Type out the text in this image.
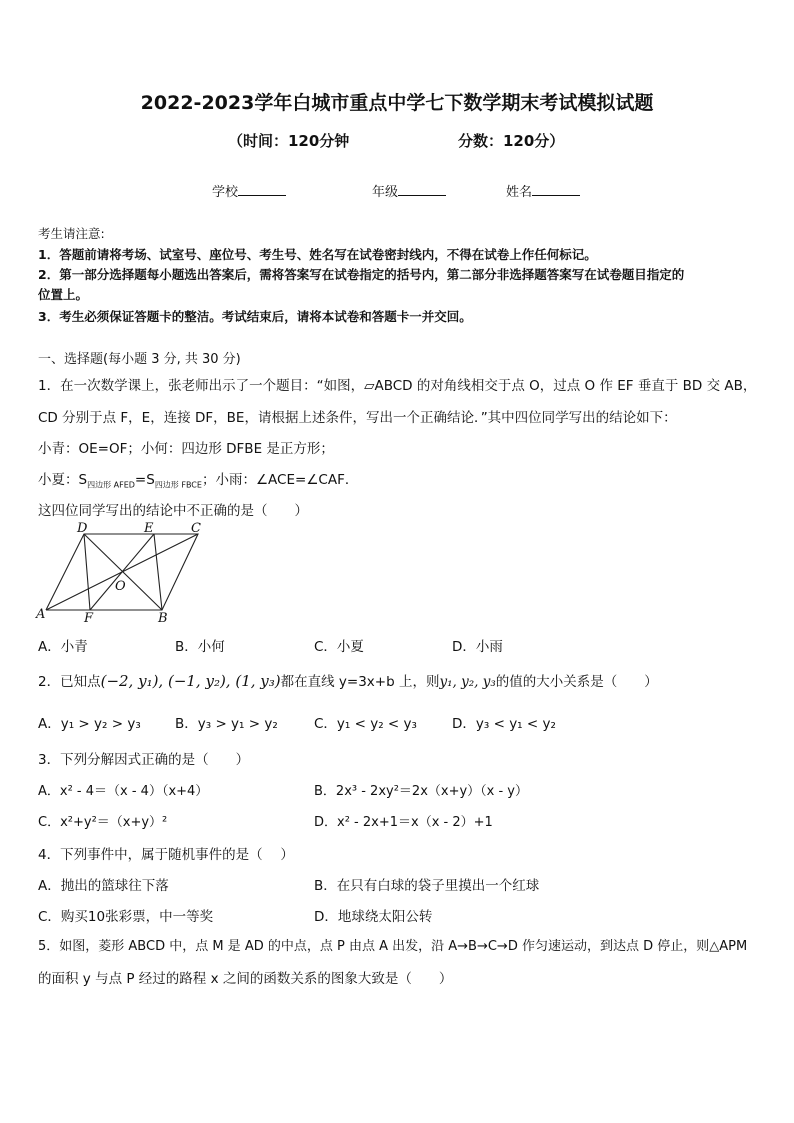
2022-2023学年白城市重点中学七下数学期末考试模拟试题
（时间：120分钟	分数：120分）
学校	年级	姓名
考生请注意:
1．答题前请将考场、试室号、座位号、考生号、姓名写在试卷密封线内，不得在试卷上作任何标记。
2．第一部分选择题每小题选出答案后，需将答案写在试卷指定的括号内，第二部分非选择题答案写在试卷题目指定的
位置上。
3．考生必须保证答题卡的整洁。考试结束后，请将本试卷和答题卡一并交回。
一、选择题(每小题 3 分, 共 30 分)
1．在一次数学课上，张老师出示了一个题目：“如图，▱ABCD 的对角线相交于点 O，过点 O 作 EF 垂直于 BD 交 AB，
CD 分别于点 F，E，连接 DF，BE，请根据上述条件，写出一个正确结论．”其中四位同学写出的结论如下：
小青：OE=OF；小何：四边形 DFBE 是正方形；
小夏：$S_{四边形 AFED}=S_{四边形 FBCE}$；小雨：∠ACE=∠CAF．
这四位同学写出的结论中不正确的是（　　）
D	E	C
O
A	F	B
A．小青	B．小何	C．小夏	D．小雨
2．已知点(−2, y₁), (−1, y₂), (1, y₃)都在直线 y=3x+b 上，则y₁, y₂, y₃的值的大小关系是（　　）
A．y₁ > y₂ > y₃	B．y₃ > y₁ > y₂	C．y₁ < y₂ < y₃	D．y₃ < y₁ < y₂
3．下列分解因式正确的是（　　）
A．x² - 4＝（x - 4）（x+4）	B．2x³ - 2xy²＝2x（x+y）（x - y）
C．x²+y²＝（x+y）²	D．x² - 2x+1＝x（x - 2）+1
4．下列事件中，属于随机事件的是（　 ）
A．抛出的篮球往下落	B．在只有白球的袋子里摸出一个红球
C．购买10张彩票，中一等奖	D．地球绕太阳公转
5．如图，菱形 ABCD 中，点 M 是 AD 的中点，点 P 由点 A 出发，沿 A→B→C→D 作匀速运动，到达点 D 停止，则△APM
的面积 y 与点 P 经过的路程 x 之间的函数关系的图象大致是（　　）
